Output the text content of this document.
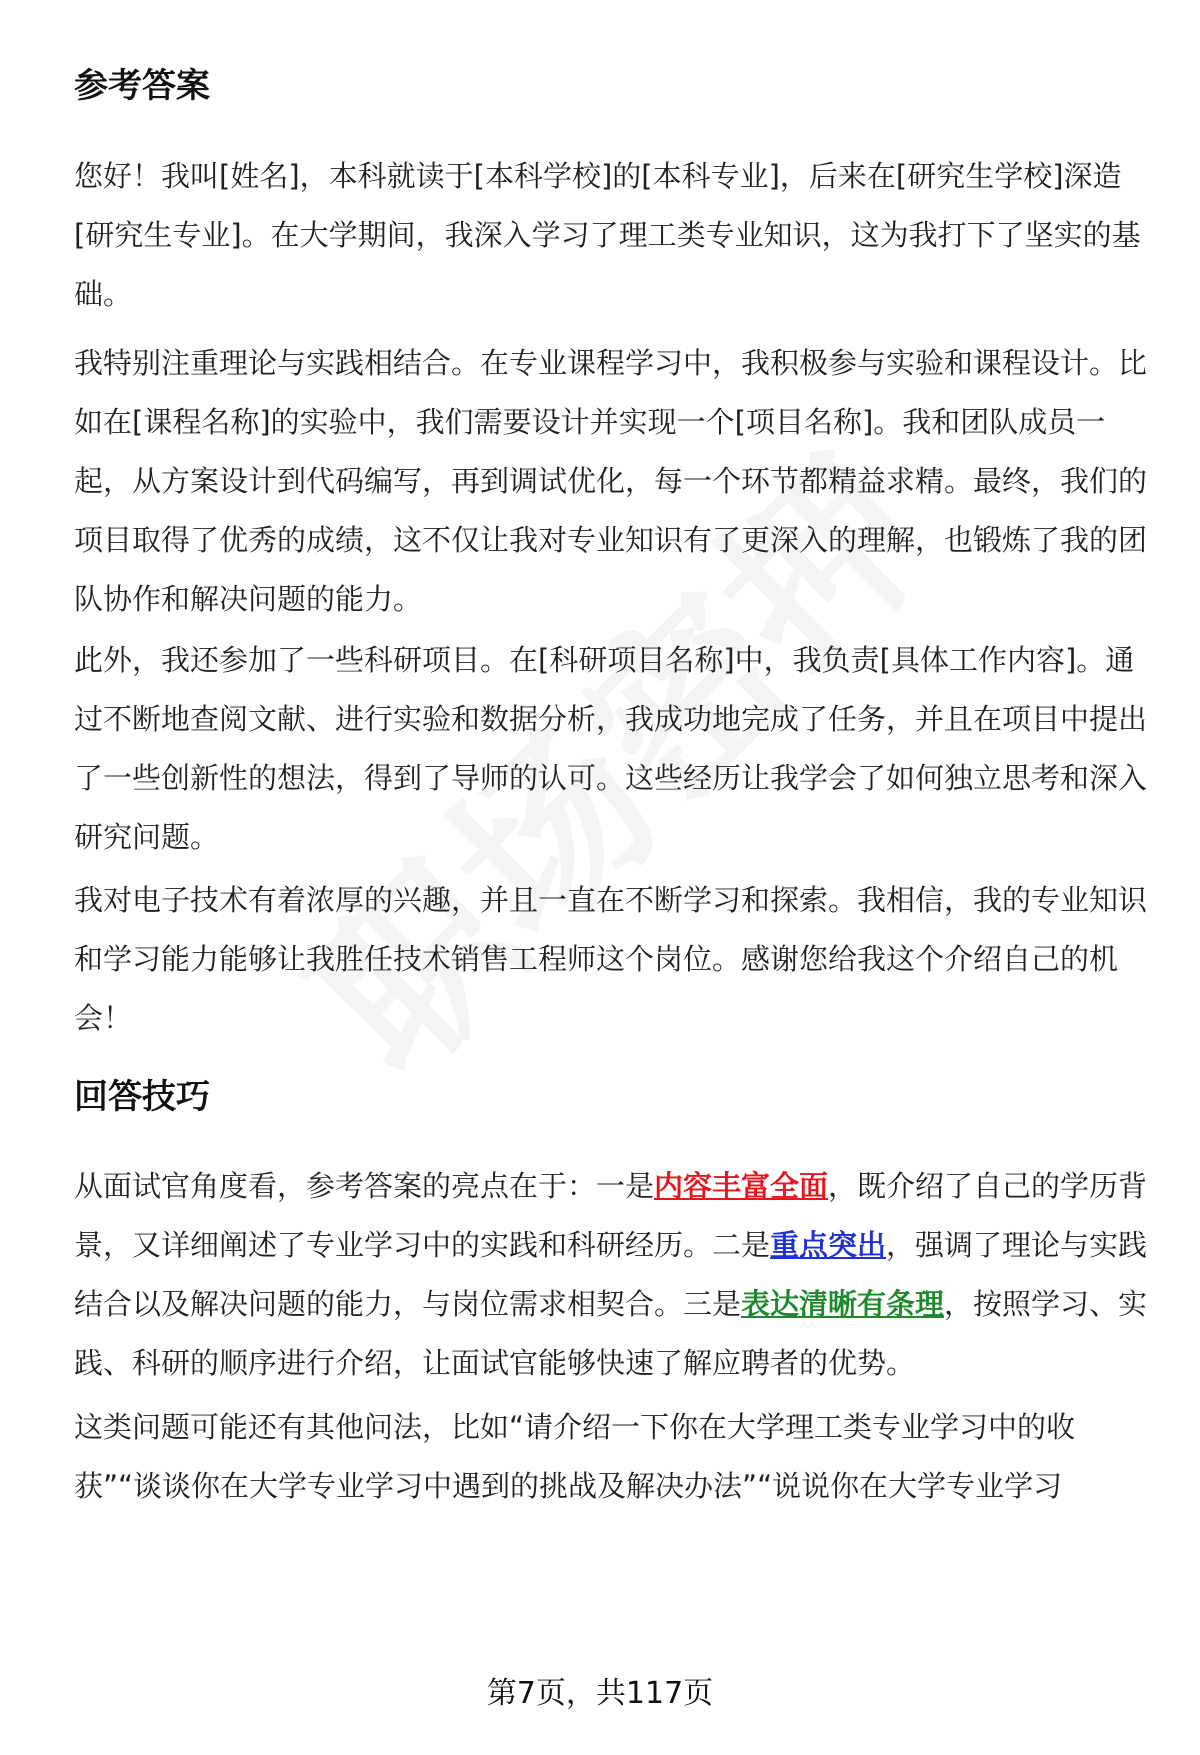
参考答案

您好！我叫[姓名]，本科就读于[本科学校]的[本科专业]，后来在[研究生学校]深造[研究生专业]。在大学期间，我深入学习了理工类专业知识，这为我打下了坚实的基础。

我特别注重理论与实践相结合。在专业课程学习中，我积极参与实验和课程设计。比如在[课程名称]的实验中，我们需要设计并实现一个[项目名称]。我和团队成员一起，从方案设计到代码编写，再到调试优化，每一个环节都精益求精。最终，我们的项目取得了优秀的成绩，这不仅让我对专业知识有了更深入的理解，也锻炼了我的团队协作和解决问题的能力。

此外，我还参加了一些科研项目。在[科研项目名称]中，我负责[具体工作内容]。通过不断地查阅文献、进行实验和数据分析，我成功地完成了任务，并且在项目中提出了一些创新性的想法，得到了导师的认可。这些经历让我学会了如何独立思考和深入研究问题。

我对电子技术有着浓厚的兴趣，并且一直在不断学习和探索。我相信，我的专业知识和学习能力能够让我胜任技术销售工程师这个岗位。感谢您给我这个介绍自己的机会！

回答技巧

从面试官角度看，参考答案的亮点在于：一是内容丰富全面，既介绍了自己的学历背景，又详细阐述了专业学习中的实践和科研经历。二是重点突出，强调了理论与实践结合以及解决问题的能力，与岗位需求相契合。三是表达清晰有条理，按照学习、实践、科研的顺序进行介绍，让面试官能够快速了解应聘者的优势。

这类问题可能还有其他问法，比如“请介绍一下你在大学理工类专业学习中的收获”“谈谈你在大学专业学习中遇到的挑战及解决办法”“说说你在大学专业学习

第7页，共117页
